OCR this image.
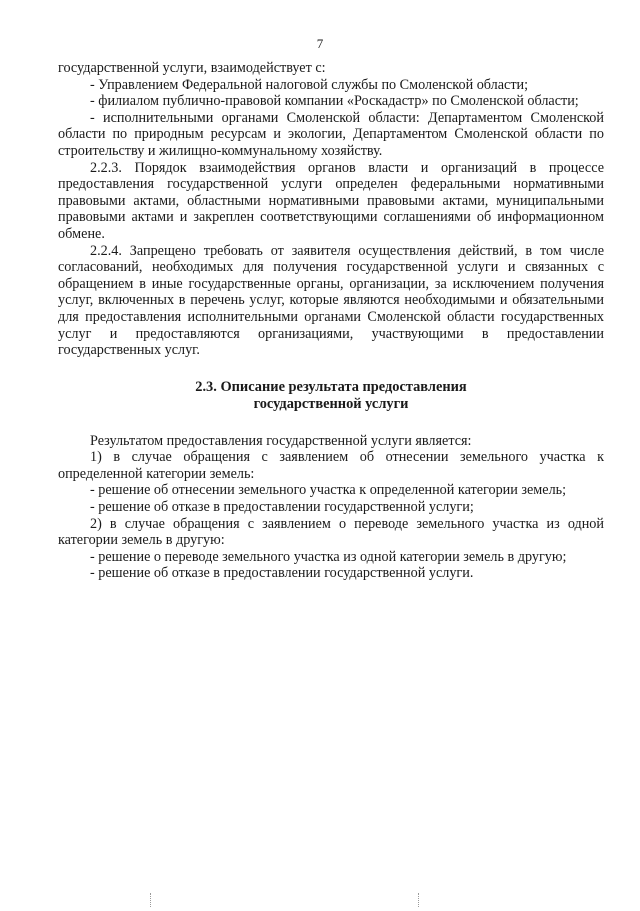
7

государственной услуги, взаимодействует с:

- Управлением Федеральной налоговой службы по Смоленской области;

- филиалом публично-правовой компании «Роскадастр» по Смоленской области;

- исполнительными органами Смоленской области: Департаментом Смоленской области по природным ресурсам и экологии, Департаментом Смоленской области по строительству и жилищно-коммунальному хозяйству.

2.2.3. Порядок взаимодействия органов власти и организаций в процессе предоставления государственной услуги определен федеральными нормативными правовыми актами, областными нормативными правовыми актами, муниципальными правовыми актами и закреплен соответствующими соглашениями об информационном обмене.

2.2.4. Запрещено требовать от заявителя осуществления действий, в том числе согласований, необходимых для получения государственной услуги и связанных с обращением в иные государственные органы, организации, за исключением получения услуг, включенных в перечень услуг, которые являются необходимыми и обязательными для предоставления исполнительными органами Смоленской области государственных услуг и предоставляются организациями, участвующими в предоставлении государственных услуг.

2.3. Описание результата предоставления
государственной услуги

Результатом предоставления государственной услуги является:

1) в случае обращения с заявлением об отнесении земельного участка к определенной категории земель:

- решение об отнесении земельного участка к определенной категории земель;

- решение об отказе в предоставлении государственной услуги;

2) в случае обращения с заявлением о переводе земельного участка из одной категории земель в другую:

- решение о переводе земельного участка из одной категории земель в другую;

- решение об отказе в предоставлении государственной услуги.
